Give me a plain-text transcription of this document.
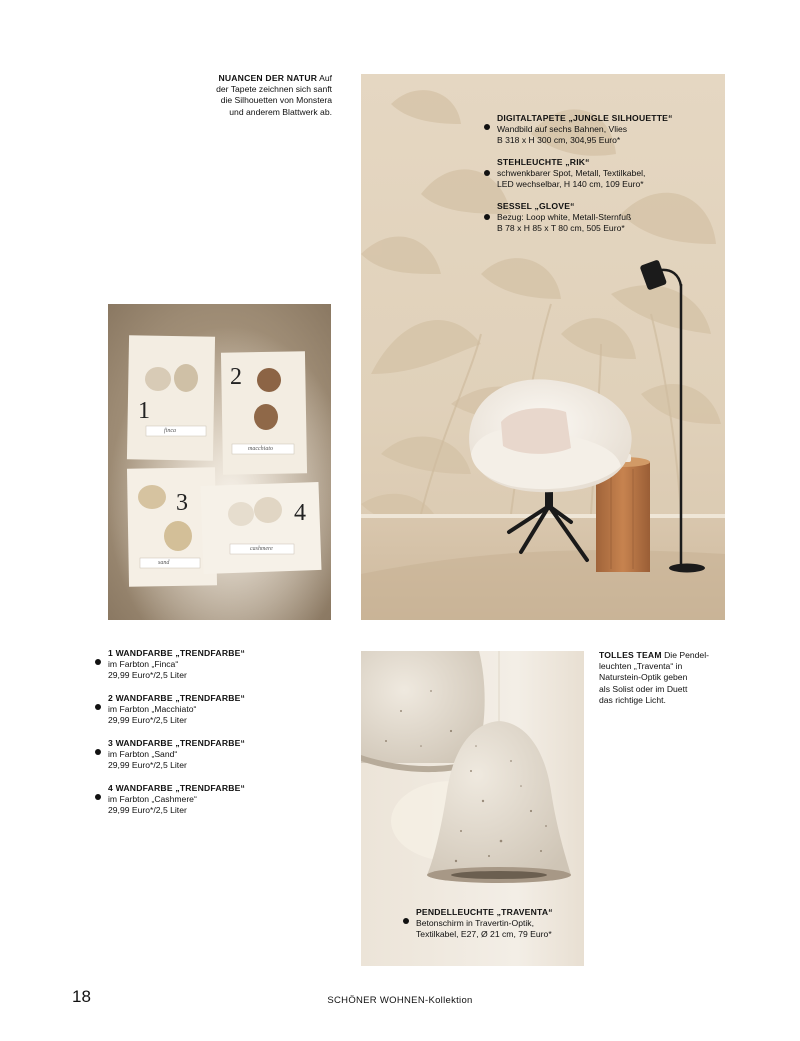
NUANCEN DER NATUR Auf
der Tapete zeichnen sich sanft
die Silhouetten von Monstera
und anderem Blattwerk ab.
DIGITALTAPETE „JUNGLE SILHOUETTE“
Wandbild auf sechs Bahnen, Vlies
B 318 x H 300 cm, 304,95 Euro*
STEHLEUCHTE „RIK“
schwenkbarer Spot, Metall, Textilkabel,
LED wechselbar, H 140 cm, 109 Euro*
SESSEL „GLOVE“
Bezug: Loop white, Metall-Sternfuß
B 78 x H 85 x T 80 cm, 505 Euro*
1
finca
2
macchiato
3
sand
4
cashmere
1 WANDFARBE „TRENDFARBE“
im Farbton „Finca“
29,99 Euro*/2,5 Liter
2 WANDFARBE „TRENDFARBE“
im Farbton „Macchiato“
29,99 Euro*/2,5 Liter
3 WANDFARBE „TRENDFARBE“
im Farbton „Sand“
29,99 Euro*/2,5 Liter
4 WANDFARBE „TRENDFARBE“
im Farbton „Cashmere“
29,99 Euro*/2,5 Liter
TOLLES TEAM Die Pendel-
leuchten „Traventa“ in
Naturstein-Optik geben
als Solist oder im Duett
das richtige Licht.
PENDELLEUCHTE „TRAVENTA“
Betonschirm in Travertin-Optik,
Textilkabel, E27, Ø 21 cm, 79 Euro*
18	SCHÖNER WOHNEN-Kollektion
